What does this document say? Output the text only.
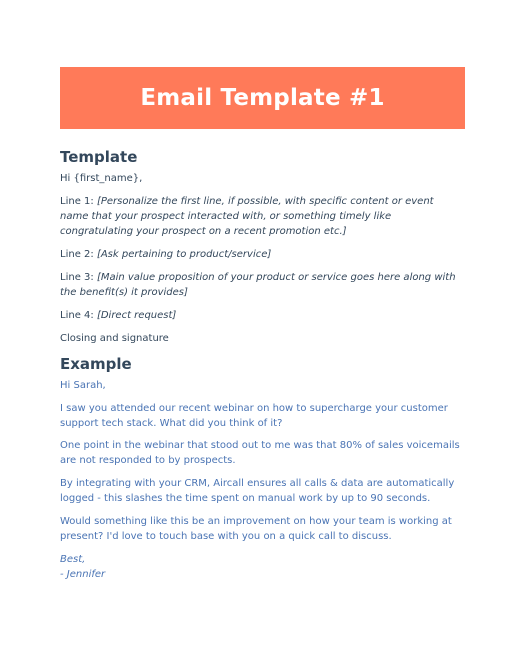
Email Template #1
Template

Hi {first_name},

Line 1: [Personalize the first line, if possible, with specific content or event name that your prospect interacted with, or something timely like congratulating your prospect on a recent promotion etc.]

Line 2: [Ask pertaining to product/service]

Line 3: [Main value proposition of your product or service goes here along with the benefit(s) it provides]

Line 4: [Direct request]

Closing and signature

Example

Hi Sarah,

I saw you attended our recent webinar on how to supercharge your customer support tech stack. What did you think of it?

One point in the webinar that stood out to me was that 80% of sales voicemails are not responded to by prospects.

By integrating with your CRM, Aircall ensures all calls & data are automatically logged - this slashes the time spent on manual work by up to 90 seconds.

Would something like this be an improvement on how your team is working at present? I'd love to touch base with you on a quick call to discuss.

Best,
- Jennifer
